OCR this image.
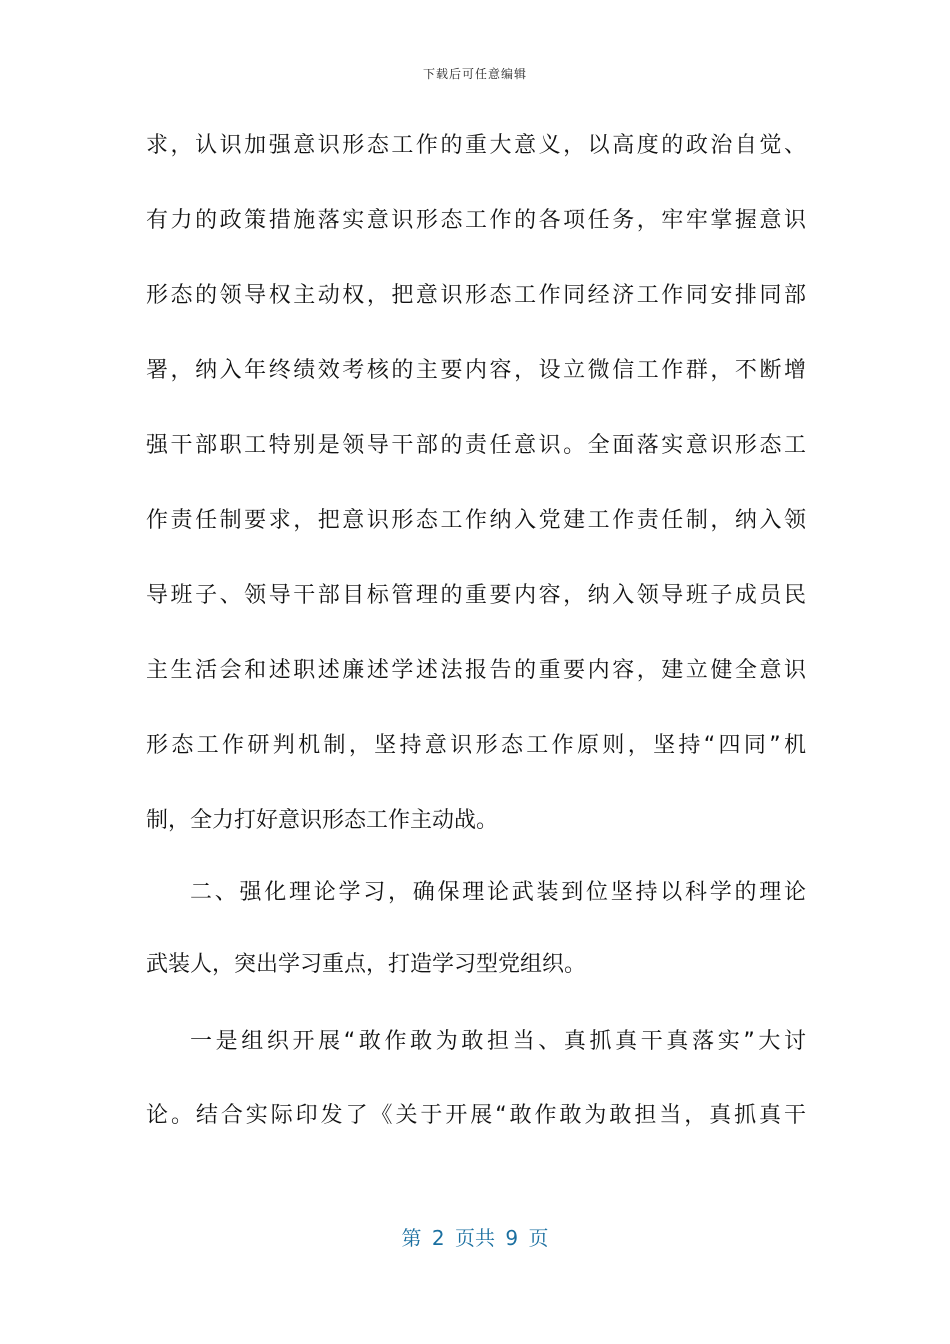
下载后可任意编辑
求，认识加强意识形态工作的重大意义，以高度的政治自觉、
有力的政策措施落实意识形态工作的各项任务，牢牢掌握意识
形态的领导权主动权，把意识形态工作同经济工作同安排同部
署，纳入年终绩效考核的主要内容，设立微信工作群，不断增
强干部职工特别是领导干部的责任意识。全面落实意识形态工
作责任制要求，把意识形态工作纳入党建工作责任制，纳入领
导班子、领导干部目标管理的重要内容，纳入领导班子成员民
主生活会和述职述廉述学述法报告的重要内容，建立健全意识
形态工作研判机制，坚持意识形态工作原则，坚持“四同”机
制，全力打好意识形态工作主动战。
二、强化理论学习，确保理论武装到位坚持以科学的理论
武装人，突出学习重点，打造学习型党组织。
一是组织开展“敢作敢为敢担当、真抓真干真落实”大讨
论。结合实际印发了《关于开展“敢作敢为敢担当，真抓真干
第 2 页共 9 页
